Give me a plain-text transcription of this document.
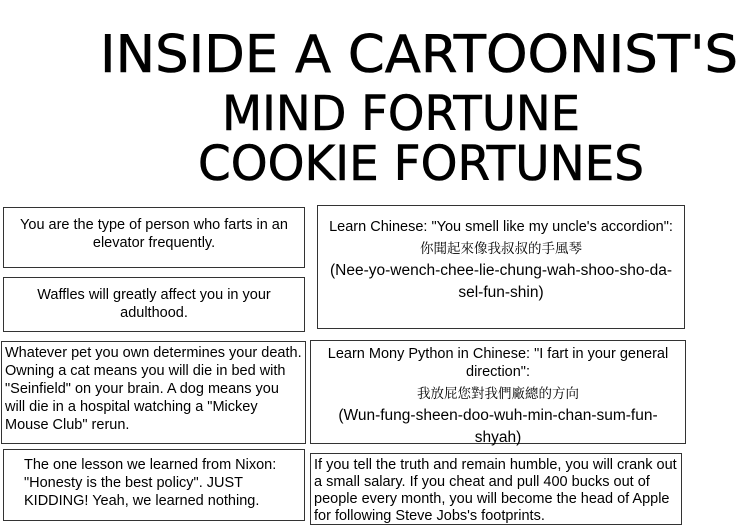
INSIDE A CARTOONIST'S
MIND FORTUNE
COOKIE FORTUNES
You are the type of person who farts in an elevator frequently.
Waffles will greatly affect you in your adulthood.
Whatever pet you own determines your death. Owning a cat means you will die in bed with "Seinfield" on your brain. A dog means you will die in a hospital watching a "Mickey Mouse Club" rerun.
The one lesson we learned from Nixon: "Honesty is the best policy". JUST KIDDING! Yeah, we learned nothing.
Learn Chinese: "You smell like my uncle's accordion":
你聞起來像我叔叔的手風琴
(Nee-yo-wench-chee-lie-chung-wah-shoo-sho-da-sel-fun-shin)
Learn Mony Python in Chinese: "I fart in your general direction":
我放屁您對我們廠總的方向
(Wun-fung-sheen-doo-wuh-min-chan-sum-fun-shyah)
If you tell the truth and remain humble, you will crank out a small salary. If you cheat and pull 400 bucks out of people every month, you will become the head of Apple for following Steve Jobs's footprints.
